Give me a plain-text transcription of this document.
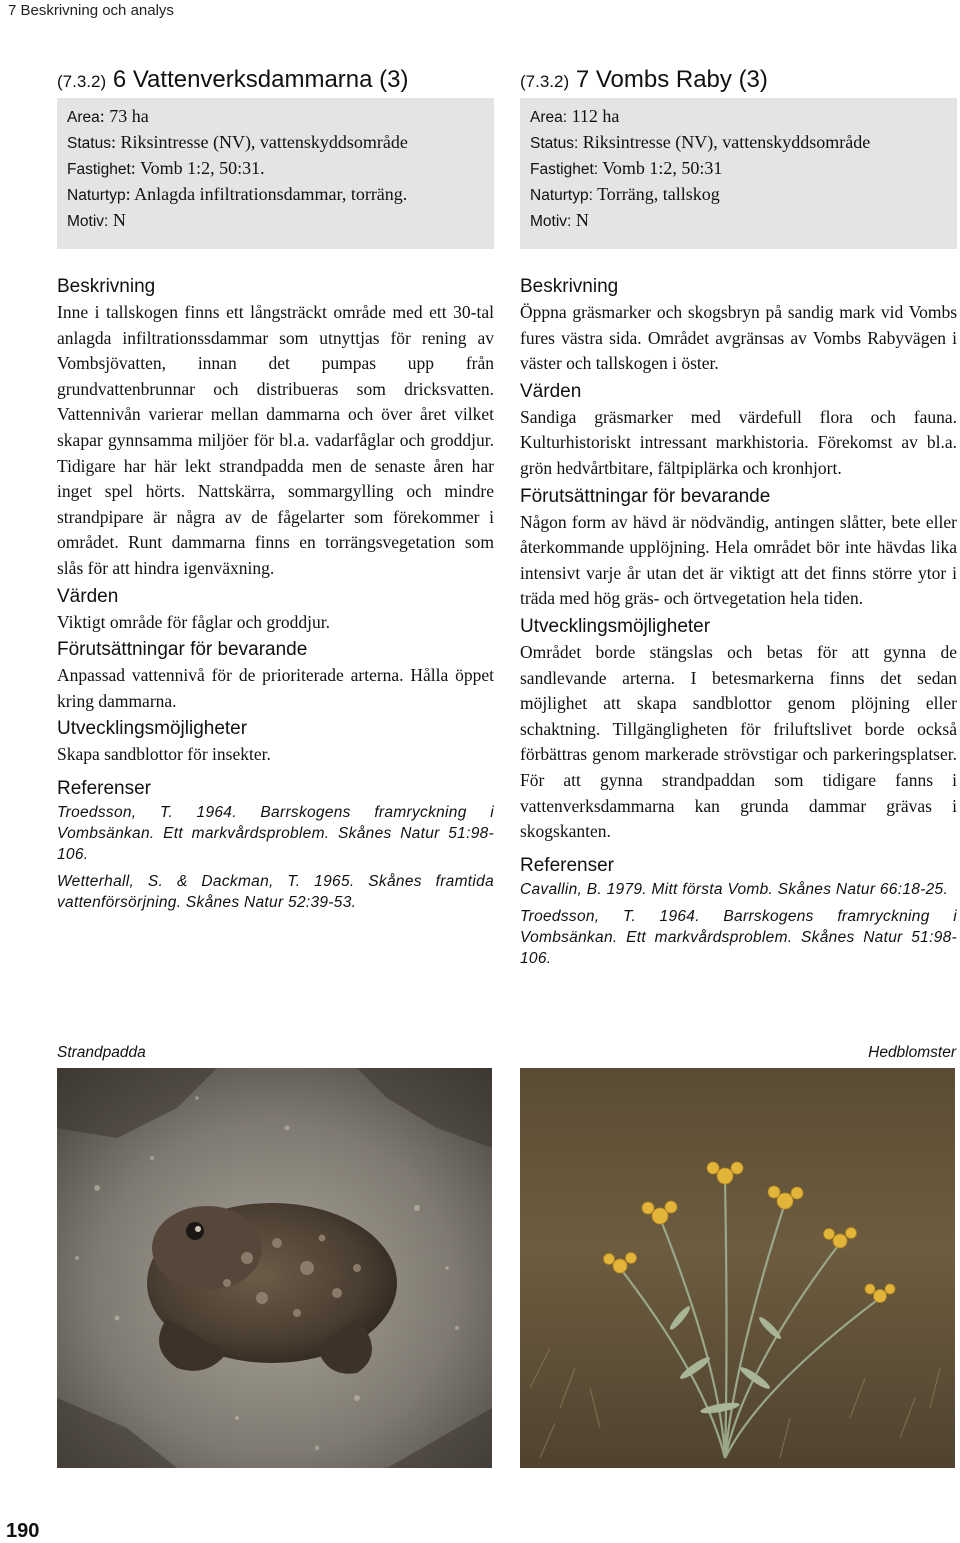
7 Beskrivning och analys
(7.3.2) 6 Vattenverksdammarna (3)
Area: 73 ha
Status: Riksintresse (NV), vattenskyddsområde
Fastighet: Vomb 1:2, 50:31.
Naturtyp: Anlagda infiltrationsdammar, torräng.
Motiv: N
Beskrivning

Inne i tallskogen finns ett långsträckt område med ett 30-tal anlagda infiltrationssdammar som utnyttjas för rening av Vombsjövatten, innan det pumpas upp från grundvattenbrunnar och distribueras som dricksvatten. Vattennivån varierar mellan dammarna och över året vilket skapar gynnsamma miljöer för bl.a. vadarfåglar och groddjur. Tidigare har här lekt strandpadda men de senaste åren har inget spel hörts. Nattskärra, sommargylling och mindre strandpipare är några av de fågelarter som förekommer i området. Runt dammarna finns en torrängsvegetation som slås för att hindra igenväxning.

Värden

Viktigt område för fåglar och groddjur.

Förutsättningar för bevarande

Anpassad vattennivå för de prioriterade arterna. Hålla öppet kring dammarna.

Utvecklingsmöjligheter

Skapa sandblottor för insekter.

Referenser

Troedsson, T. 1964. Barrskogens framryckning i Vombsänkan. Ett markvårdsproblem. Skånes Natur 51:98-106.

Wetterhall, S. & Dackman, T. 1965. Skånes framtida vattenförsörjning. Skånes Natur 52:39-53.

(7.3.2) 7 Vombs Raby (3)
Area: 112 ha
Status: Riksintresse (NV), vattenskyddsområde
Fastighet: Vomb 1:2, 50:31
Naturtyp: Torräng, tallskog
Motiv: N
Beskrivning

Öppna gräsmarker och skogsbryn på sandig mark vid Vombs fures västra sida. Området avgränsas av Vombs Rabyvägen i väster och tallskogen i öster.

Värden

Sandiga gräsmarker med värdefull flora och fauna. Kulturhistoriskt intressant markhistoria. Förekomst av bl.a. grön hedvårtbitare, fältpiplärka och kronhjort.

Förutsättningar för bevarande

Någon form av hävd är nödvändig, antingen slåtter, bete eller återkommande upplöjning. Hela området bör inte hävdas lika intensivt varje år utan det är viktigt att det finns större ytor i träda med hög gräs- och örtvegetation hela tiden.

Utvecklingsmöjligheter

Området borde stängslas och betas för att gynna de sandlevande arterna. I betesmarkerna finns det sedan möjlighet att skapa sandblottor genom plöjning eller schaktning. Tillgängligheten för friluftslivet borde också förbättras genom markerade strövstigar och parkeringsplatser. För att gynna strandpaddan som tidigare fanns i vattenverksdammarna kan grunda dammar grävas i skogskanten.

Referenser

Cavallin, B. 1979. Mitt första Vomb. Skånes Natur 66:18-25.

Troedsson, T. 1964. Barrskogens framryckning i Vombsänkan. Ett markvårdsproblem. Skånes Natur 51:98-106.

Strandpadda	Hedblomster
190
